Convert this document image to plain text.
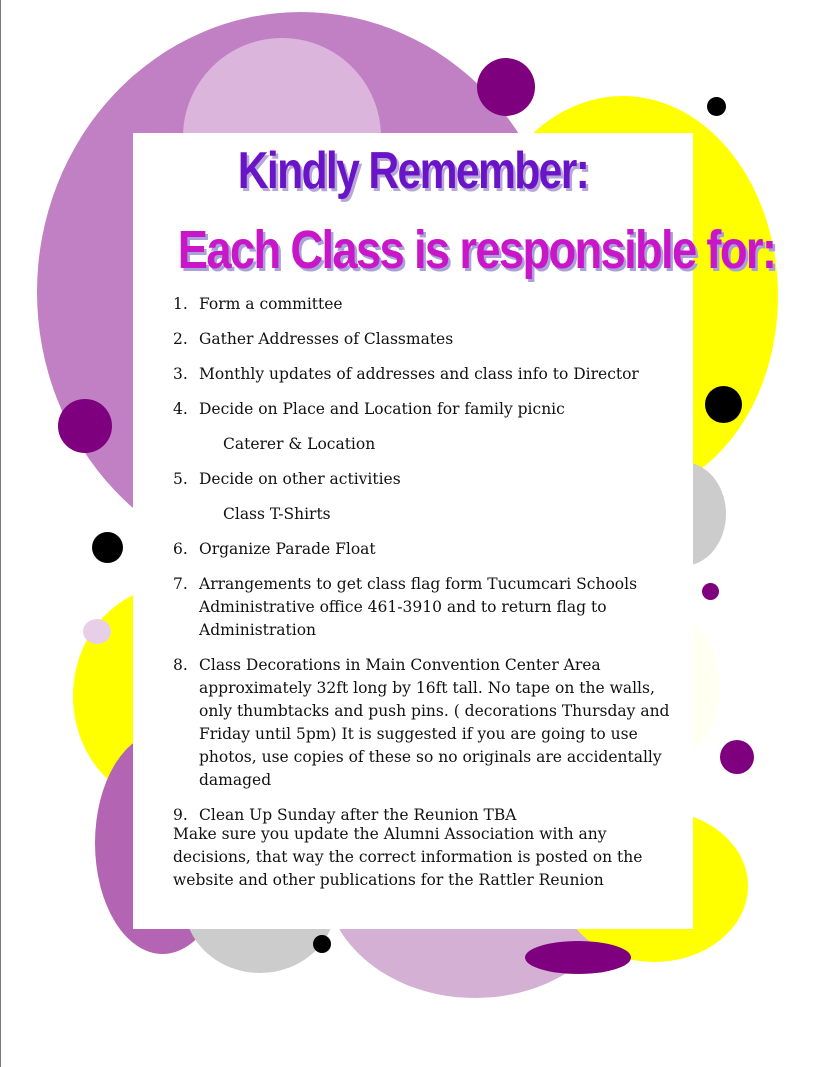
Kindly Remember:
Each Class is responsible for:
1. Form a committee
2. Gather Addresses of Classmates
3. Monthly updates of addresses and class info to Director
4. Decide on Place and Location for family picnic
Caterer & Location
5. Decide on other activities
Class T-Shirts
6. Organize Parade Float
7. Arrangements to get class flag form Tucumcari Schools Administrative office 461-3910 and to return flag to Administration
8. Class Decorations in Main Convention Center Area approximately 32ft long by 16ft tall. No tape on the walls, only thumbtacks and push pins. ( decorations Thursday and Friday until 5pm) It is suggested if you are going to use photos, use copies of these so no originals are accidentally damaged
9. Clean Up Sunday after the Reunion TBA

Make sure you update the Alumni Association with any decisions, that way the correct information is posted on the website and other publications for the Rattler Reunion
